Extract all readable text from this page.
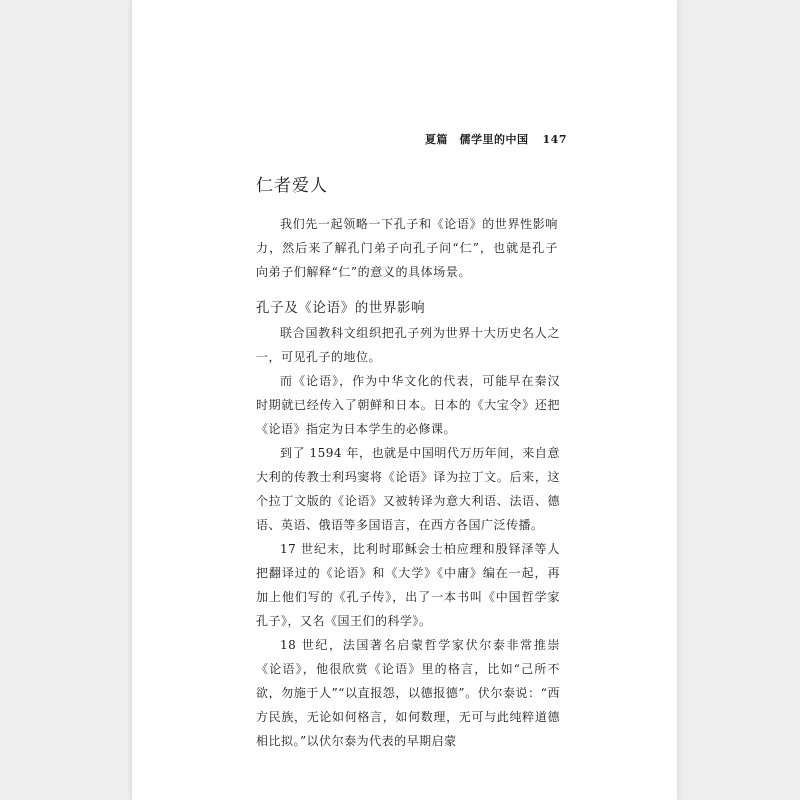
夏篇　儒学里的中国 147
仁者爱人

我们先一起领略一下孔子和《论语》的世界性影响力，然后来了解孔门弟子向孔子问“仁”，也就是孔子向弟子们解释“仁”的意义的具体场景。

孔子及《论语》的世界影响

联合国教科文组织把孔子列为世界十大历史名人之一，可见孔子的地位。

而《论语》，作为中华文化的代表，可能早在秦汉时期就已经传入了朝鲜和日本。日本的《大宝令》还把《论语》指定为日本学生的必修课。

到了 1594 年，也就是中国明代万历年间，来自意大利的传教士利玛窦将《论语》译为拉丁文。后来，这个拉丁文版的《论语》又被转译为意大利语、法语、德语、英语、俄语等多国语言，在西方各国广泛传播。

17 世纪末，比利时耶稣会士柏应理和殷铎泽等人把翻译过的《论语》和《大学》《中庸》编在一起，再加上他们写的《孔子传》，出了一本书叫《中国哲学家孔子》，又名《国王们的科学》。

18 世纪，法国著名启蒙哲学家伏尔泰非常推崇《论语》，他很欣赏《论语》里的格言，比如“己所不欲，勿施于人”“以直报怨，以德报德”。伏尔泰说：“西方民族，无论如何格言，如何数理，无可与此纯粹道德相比拟。”以伏尔泰为代表的早期启蒙
